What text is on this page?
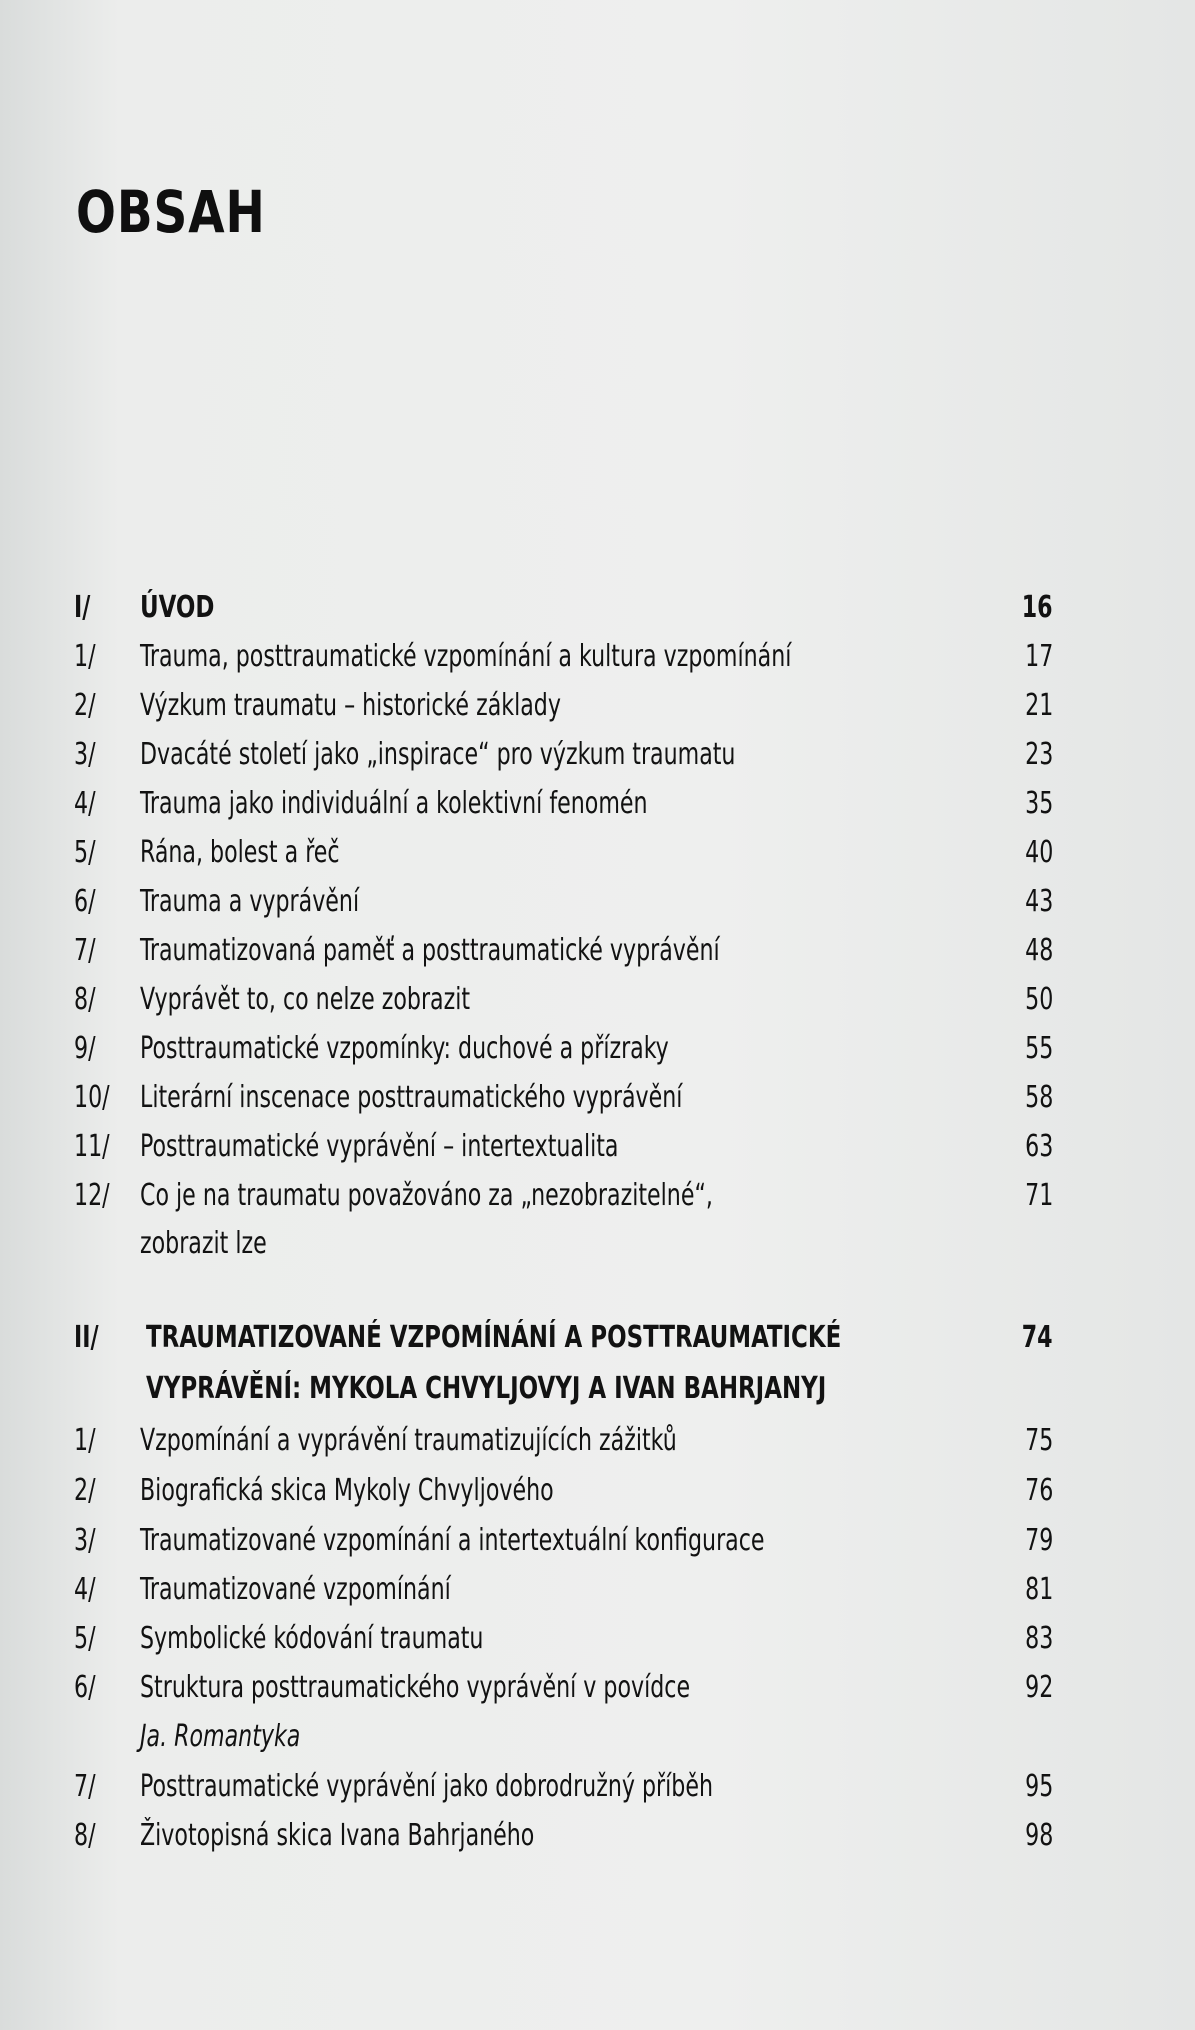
OBSAH
I/ ÚVOD	16
1/ Trauma, posttraumatické vzpomínání a kultura vzpomínání	17
2/ Výzkum traumatu – historické základy	21
3/ Dvacáté století jako „inspirace“ pro výzkum traumatu	23
4/ Trauma jako individuální a kolektivní fenomén	35
5/ Rána, bolest a řeč	40
6/ Trauma a vyprávění	43
7/ Traumatizovaná paměť a posttraumatické vyprávění	48
8/ Vyprávět to, co nelze zobrazit	50
9/ Posttraumatické vzpomínky: duchové a přízraky	55
10/ Literární inscenace posttraumatického vyprávění	58
11/ Posttraumatické vyprávění – intertextualita	63
12/ Co je na traumatu považováno za „nezobrazitelné“,	71
zobrazit lze
II/ TRAUMATIZOVANÉ VZPOMÍNÁNÍ A POSTTRAUMATICKÉ	74
VYPRÁVĚNÍ: MYKOLA CHVYLJOVYJ A IVAN BAHRJANYJ
1/ Vzpomínání a vyprávění traumatizujících zážitků	75
2/ Biografická skica Mykoly Chvyljového	76
3/ Traumatizované vzpomínání a intertextuální konfigurace	79
4/ Traumatizované vzpomínání	81
5/ Symbolické kódování traumatu	83
6/ Struktura posttraumatického vyprávění v povídce	92
Ja. Romantyka
7/ Posttraumatické vyprávění jako dobrodružný příběh	95
8/ Životopisná skica Ivana Bahrjaného	98
